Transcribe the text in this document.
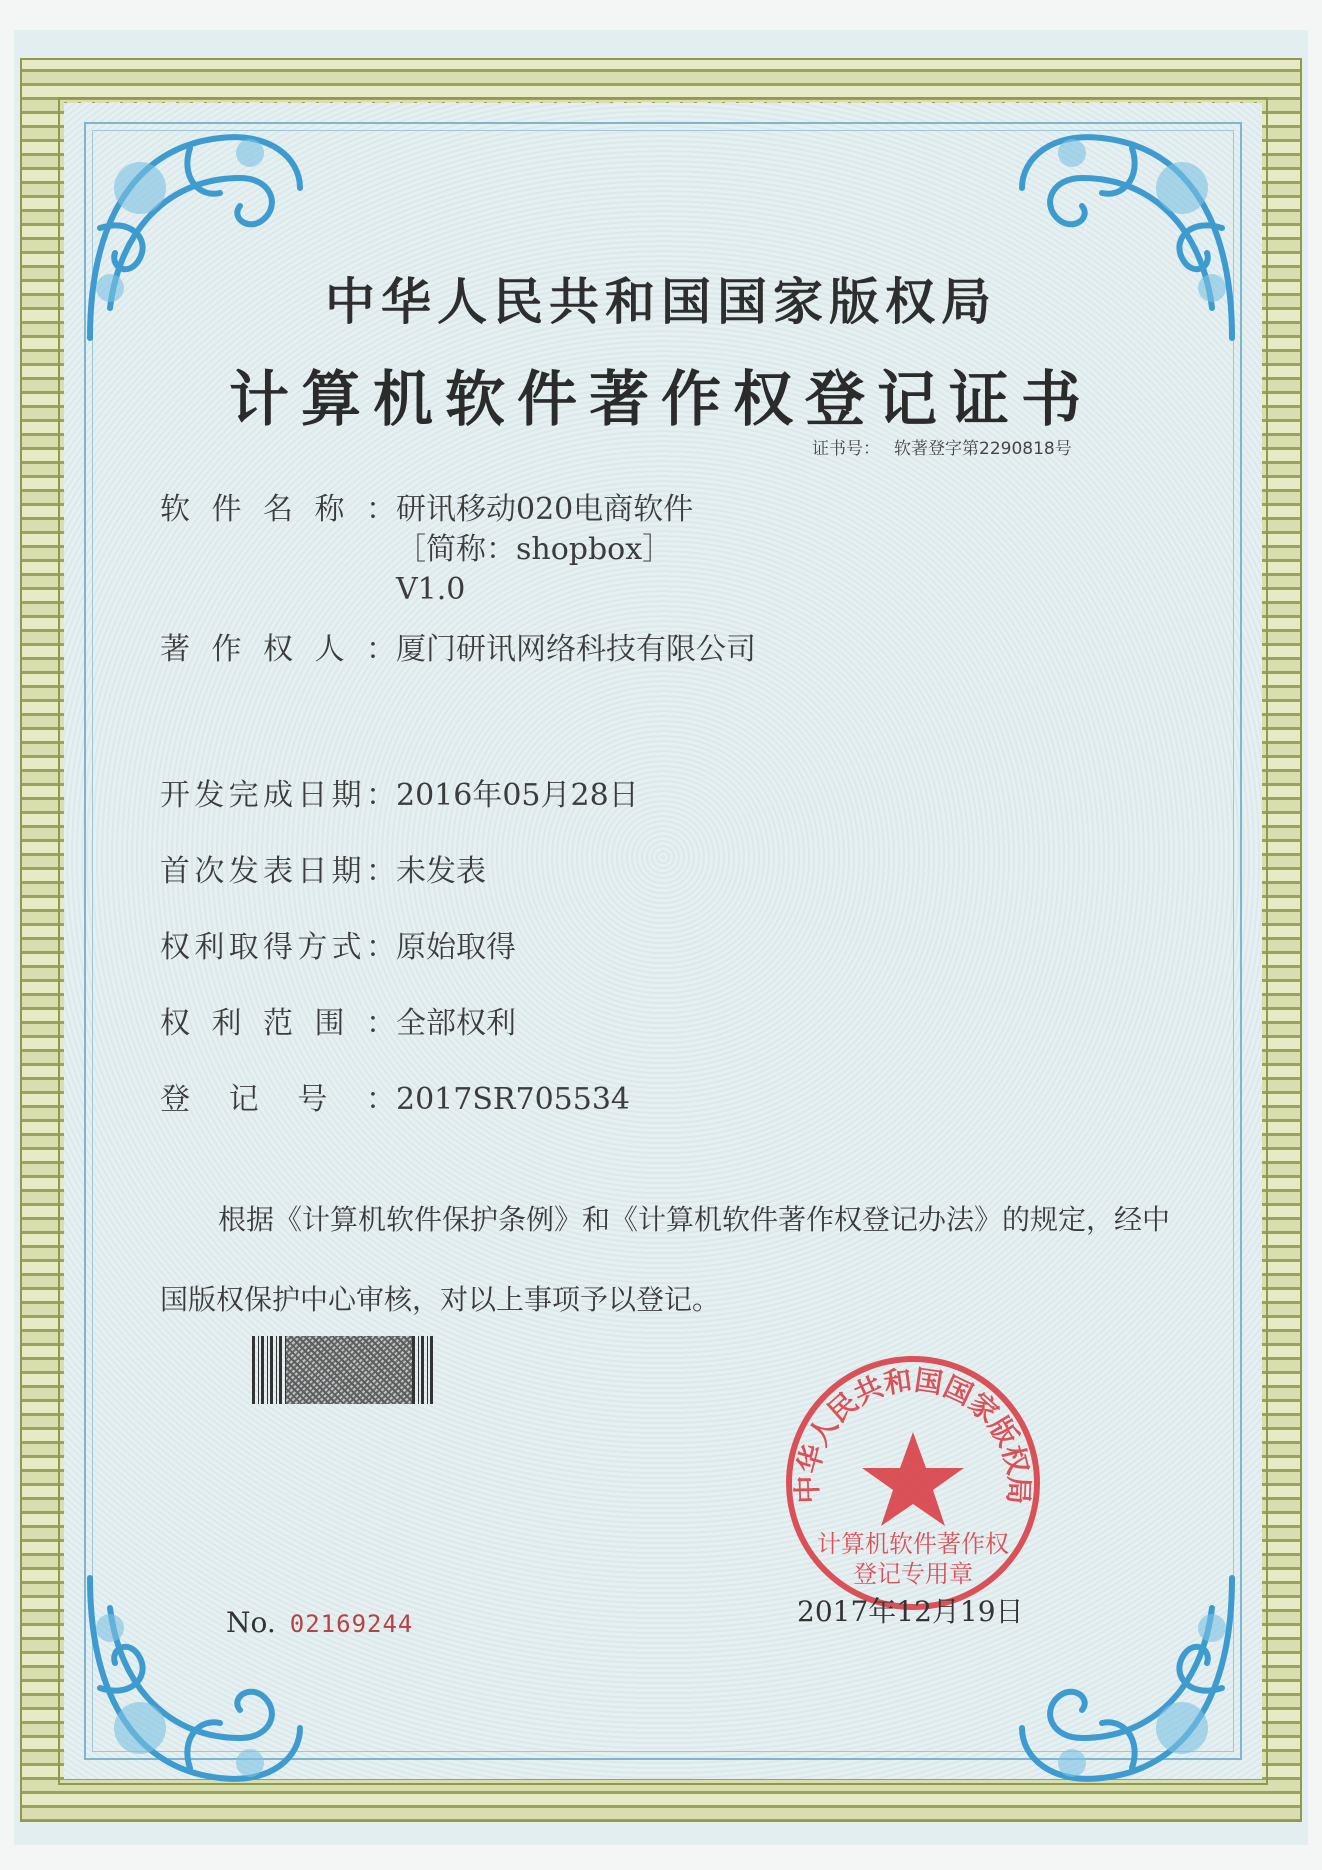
中华人民共和国国家版权局
计算机软件著作权登记证书
证书号： 软著登字第2290818号
软件名称： 研讯移动020电商软件
［简称：shopbox］
V1.0
著作权人：厦门研讯网络科技有限公司
开发完成日期：2016年05月28日
首次发表日期：未发表
权利取得方式：原始取得
权利范围：全部权利
登记号：2017SR705534
根据《计算机软件保护条例》和《计算机软件著作权登记办法》的规定，经中国版权保护中心审核，对以上事项予以登记。
No. 02169244
中华人民共和国国家版权局
计算机软件著作权
登记专用章
2017年12月19日
